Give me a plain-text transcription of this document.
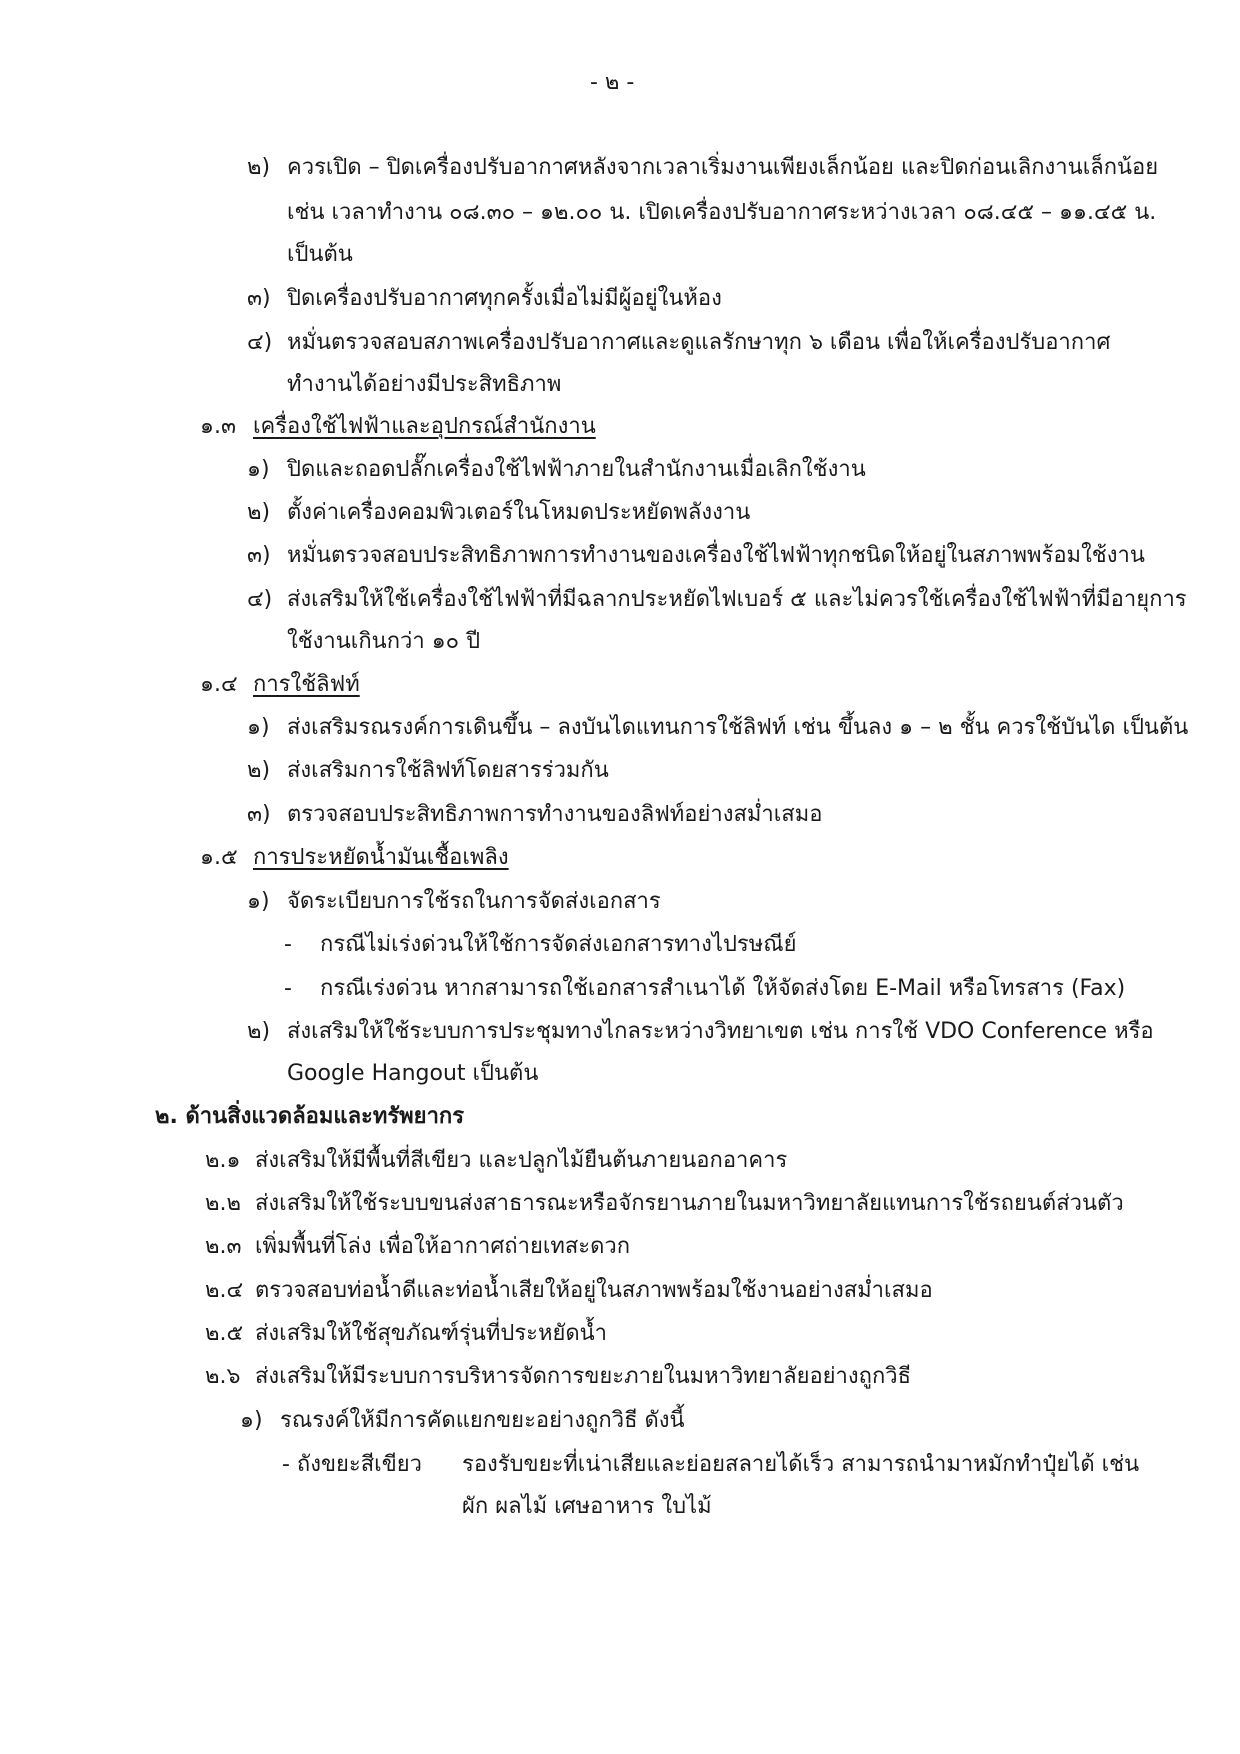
- ๒ -
๒) ควรเปิด – ปิดเครื่องปรับอากาศหลังจากเวลาเริ่มงานเพียงเล็กน้อย และปิดก่อนเลิกงานเล็กน้อย
เช่น เวลาทำงาน ๐๘.๓๐ – ๑๒.๐๐ น. เปิดเครื่องปรับอากาศระหว่างเวลา ๐๘.๔๕ – ๑๑.๔๕ น.
เป็นต้น
๓) ปิดเครื่องปรับอากาศทุกครั้งเมื่อไม่มีผู้อยู่ในห้อง
๔) หมั่นตรวจสอบสภาพเครื่องปรับอากาศและดูแลรักษาทุก ๖ เดือน เพื่อให้เครื่องปรับอากาศ
ทำงานได้อย่างมีประสิทธิภาพ
๑.๓ เครื่องใช้ไฟฟ้าและอุปกรณ์สำนักงาน
๑) ปิดและถอดปลั๊กเครื่องใช้ไฟฟ้าภายในสำนักงานเมื่อเลิกใช้งาน
๒) ตั้งค่าเครื่องคอมพิวเตอร์ในโหมดประหยัดพลังงาน
๓) หมั่นตรวจสอบประสิทธิภาพการทำงานของเครื่องใช้ไฟฟ้าทุกชนิดให้อยู่ในสภาพพร้อมใช้งาน
๔) ส่งเสริมให้ใช้เครื่องใช้ไฟฟ้าที่มีฉลากประหยัดไฟเบอร์ ๕ และไม่ควรใช้เครื่องใช้ไฟฟ้าที่มีอายุการ
ใช้งานเกินกว่า ๑๐ ปี
๑.๔ การใช้ลิฟท์
๑) ส่งเสริมรณรงค์การเดินขึ้น – ลงบันไดแทนการใช้ลิฟท์ เช่น ขึ้นลง ๑ – ๒ ชั้น ควรใช้บันได เป็นต้น
๒) ส่งเสริมการใช้ลิฟท์โดยสารร่วมกัน
๓) ตรวจสอบประสิทธิภาพการทำงานของลิฟท์อย่างสม่ำเสมอ
๑.๕ การประหยัดน้ำมันเชื้อเพลิง
๑) จัดระเบียบการใช้รถในการจัดส่งเอกสาร
- กรณีไม่เร่งด่วนให้ใช้การจัดส่งเอกสารทางไปรษณีย์
- กรณีเร่งด่วน หากสามารถใช้เอกสารสำเนาได้ ให้จัดส่งโดย E-Mail หรือโทรสาร (Fax)
๒) ส่งเสริมให้ใช้ระบบการประชุมทางไกลระหว่างวิทยาเขต เช่น การใช้ VDO Conference หรือ
Google Hangout เป็นต้น
๒. ด้านสิ่งแวดล้อมและทรัพยากร
๒.๑ ส่งเสริมให้มีพื้นที่สีเขียว และปลูกไม้ยืนต้นภายนอกอาคาร
๒.๒ ส่งเสริมให้ใช้ระบบขนส่งสาธารณะหรือจักรยานภายในมหาวิทยาลัยแทนการใช้รถยนต์ส่วนตัว
๒.๓ เพิ่มพื้นที่โล่ง เพื่อให้อากาศถ่ายเทสะดวก
๒.๔ ตรวจสอบท่อน้ำดีและท่อน้ำเสียให้อยู่ในสภาพพร้อมใช้งานอย่างสม่ำเสมอ
๒.๕ ส่งเสริมให้ใช้สุขภัณฑ์รุ่นที่ประหยัดน้ำ
๒.๖ ส่งเสริมให้มีระบบการบริหารจัดการขยะภายในมหาวิทยาลัยอย่างถูกวิธี
๑) รณรงค์ให้มีการคัดแยกขยะอย่างถูกวิธี ดังนี้
- ถังขยะสีเขียว รองรับขยะที่เน่าเสียและย่อยสลายได้เร็ว สามารถนำมาหมักทำปุ๋ยได้ เช่น
ผัก ผลไม้ เศษอาหาร ใบไม้
